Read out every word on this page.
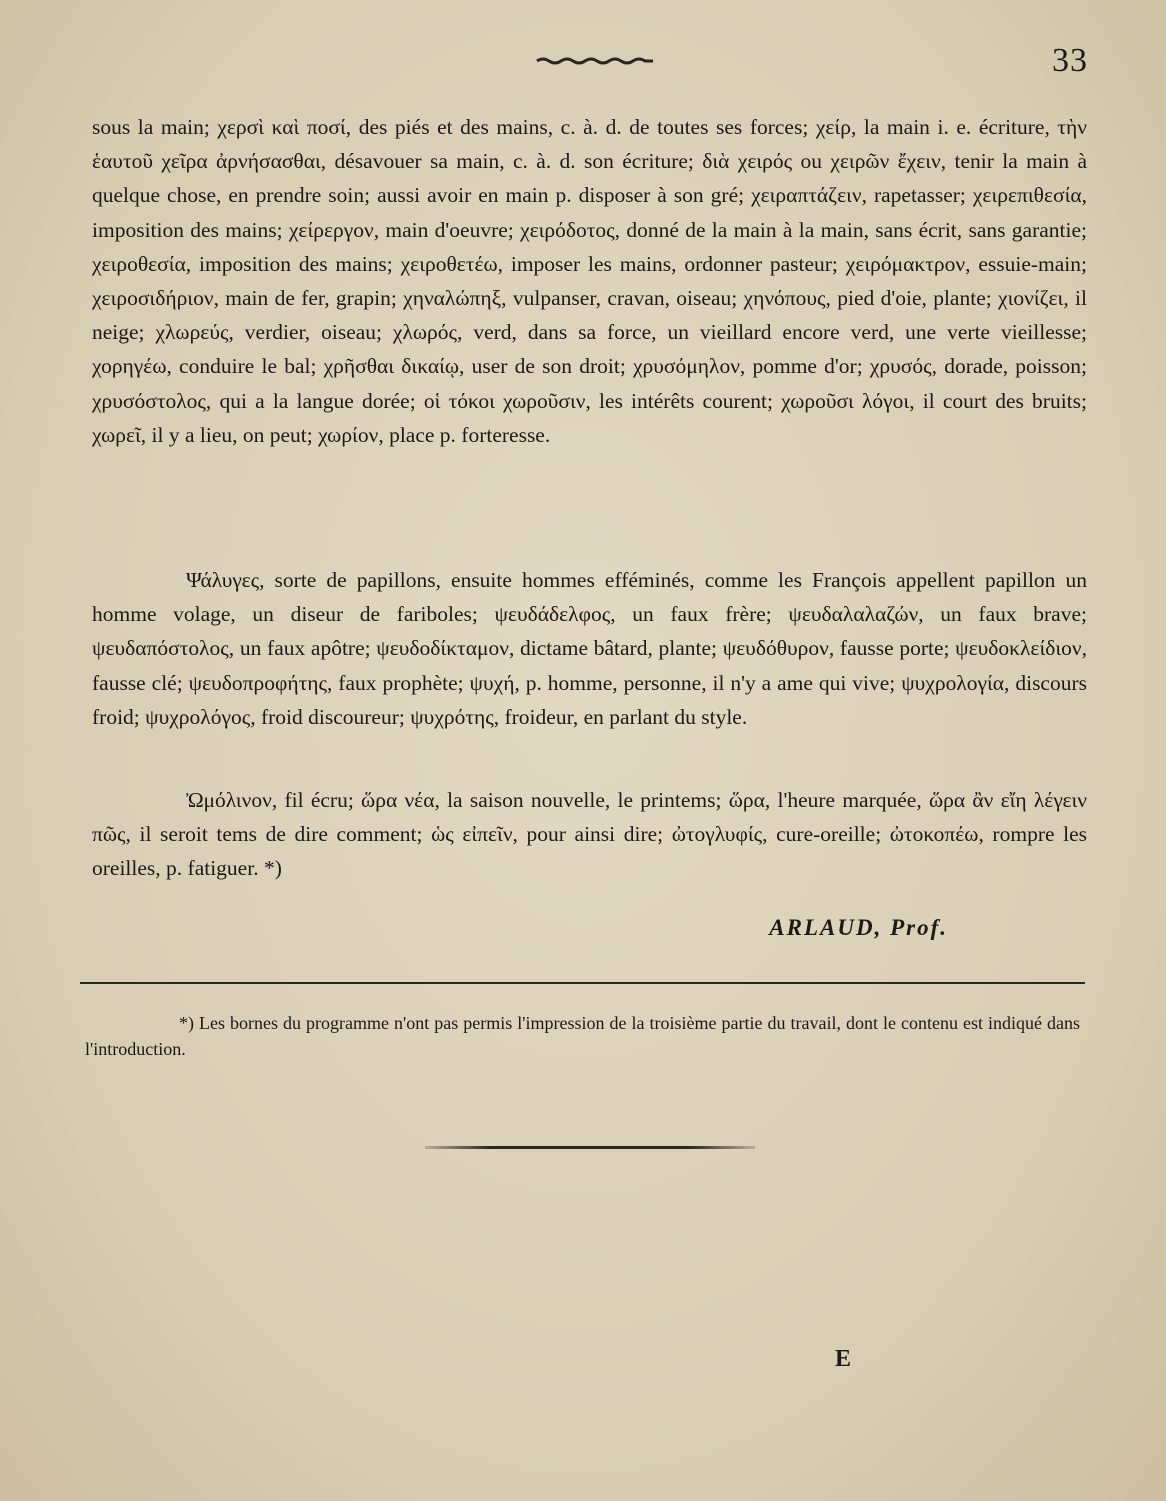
33

sous la main; χερσὶ καὶ ποσί, des piés et des mains, c. à. d. de toutes ses forces; χείρ, la main i. e. écriture, τὴν ἑαυτοῦ χεῖρα ἀρνήσασθαι, désavouer sa main, c. à. d. son écriture; διὰ χειρός ou χειρῶν ἔχειν, tenir la main à quelque chose, en prendre soin; aussi avoir en main p. disposer à son gré; χειραπτάζειν, rapetasser; χειρεπιθεσία, imposition des mains; χείρεργον, main d'oeuvre; χειρόδοτος, donné de la main à la main, sans écrit, sans garantie; χειροθεσία, imposition des mains; χειροθετέω, imposer les mains, ordonner pasteur; χειρόμακτρον, essuie-main; χειροσιδήριον, main de fer, grapin; χηναλώπηξ, vulpanser, cravan, oiseau; χηνόπους, pied d'oie, plante; χιονίζει, il neige; χλωρεύς, verdier, oiseau; χλωρός, verd, dans sa force, un vieillard encore verd, une verte vieillesse; χορηγέω, conduire le bal; χρῆσθαι δικαίῳ, user de son droit; χρυσόμηλον, pomme d'or; χρυσός, dorade, poisson; χρυσόστολος, qui a la langue dorée; οἱ τόκοι χωροῦσιν, les intérêts courent; χωροῦσι λόγοι, il court des bruits; χωρεῖ, il y a lieu, on peut; χωρίον, place p. forteresse.

Ψάλυγες, sorte de papillons, ensuite hommes efféminés, comme les François appellent papillon un homme volage, un diseur de fariboles; ψευδάδελφος, un faux frère; ψευδαλαλαζών, un faux brave; ψευδαπόστολος, un faux apôtre; ψευδοδίκταμον, dictame bâtard, plante; ψευδόθυρον, fausse porte; ψευδοκλείδιον, fausse clé; ψευδοπροφήτης, faux prophète; ψυχή, p. homme, personne, il n'y a ame qui vive; ψυχρολογία, discours froid; ψυχρολόγος, froid discoureur; ψυχρότης, froideur, en parlant du style.

Ὠμόλινον, fil écru; ὥρα νέα, la saison nouvelle, le printems; ὥρα, l'heure marquée, ὥρα ἂν εἴη λέγειν πῶς, il seroit tems de dire comment; ὡς εἰπεῖν, pour ainsi dire; ὠτογλυφίς, cure-oreille; ὠτοκοπέω, rompre les oreilles, p. fatiguer. *)

ARLAUD, Prof.
*) Les bornes du programme n'ont pas permis l'impression de la troisième partie du travail, dont le contenu est indiqué dans l'introduction.
E
